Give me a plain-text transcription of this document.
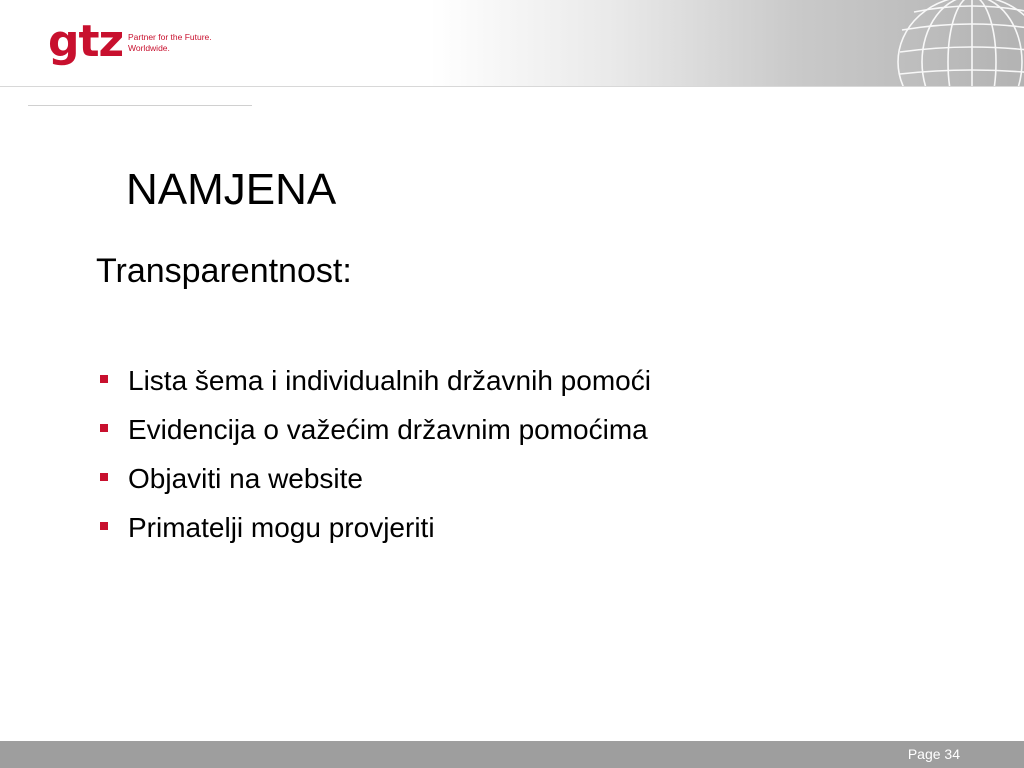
gtz Partner for the Future.
Worldwide.
NAMJENA
Transparentnost:
Lista šema i individualnih državnih pomoći
Evidencija o važećim državnim pomoćima
Objaviti na website
Primatelji mogu provjeriti
Page 34
